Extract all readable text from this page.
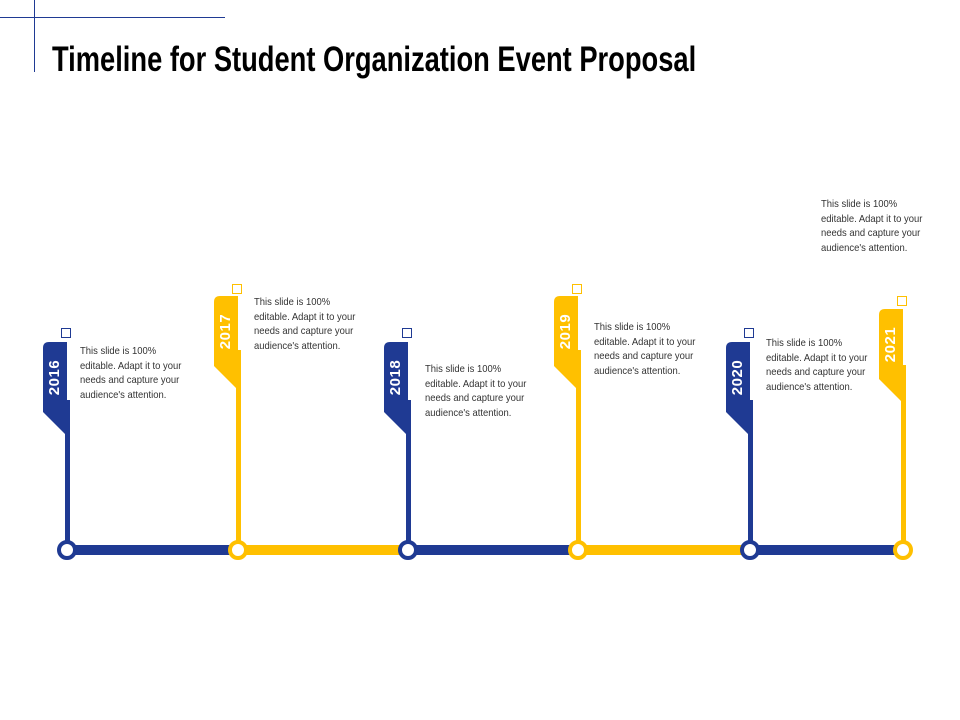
Timeline for Student Organization Event Proposal
2016

This slide is 100% editable. Adapt it to your needs and capture your audience's attention.

2017

This slide is 100% editable. Adapt it to your needs and capture your audience's attention.

2018 This slide is 100% editable. Adapt it to your needs and capture your audience's attention.

2019 This slide is 100% editable. Adapt it to your needs and capture your audience's attention.	2020

This slide is 100% editable. Adapt it to your needs and capture your audience's attention.

2021

This slide is 100% editable. Adapt it to your needs and capture your audience's attention.
